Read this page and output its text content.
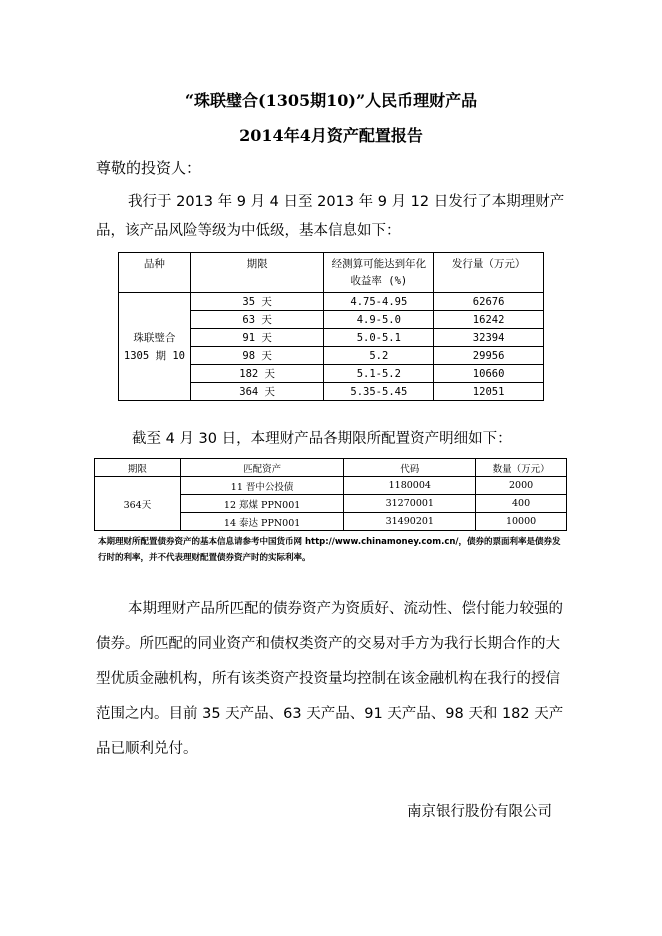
“珠联璧合(1305期10)”人民币理财产品
2014年4月资产配置报告
尊敬的投资人：
我行于 2013 年 9 月 4 日至 2013 年 9 月 12 日发行了本期理财产品，该产品风险等级为中低级，基本信息如下：
品种	期限	经测算可能达到年化收益率 (%)	发行量（万元）
珠联璧合 1305 期 10	35 天	4.75-4.95	62676
	63 天	4.9-5.0	16242
	91 天	5.0-5.1	32394
	98 天	5.2	29956
	182 天	5.1-5.2	10660
	364 天	5.35-5.45	12051
截至 4 月 30 日，本理财产品各期限所配置资产明细如下：
期限	匹配资产	代码	数量（万元）
364天	11 晋中公投债	1180004	2000
	12 郑煤 PPN001	31270001	400
	14 泰达 PPN001	31490201	10000
本期理财所配置债券资产的基本信息请参考中国货币网 http://www.chinamoney.com.cn/，债券的票面利率是债券发行时的利率，并不代表理财配置债券资产时的实际利率。
本期理财产品所匹配的债券资产为资质好、流动性、偿付能力较强的债券。所匹配的同业资产和债权类资产的交易对手方为我行长期合作的大型优质金融机构，所有该类资产投资量均控制在该金融机构在我行的授信范围之内。目前 35 天产品、63 天产品、91 天产品、98 天和 182 天产品已顺利兑付。
南京银行股份有限公司
